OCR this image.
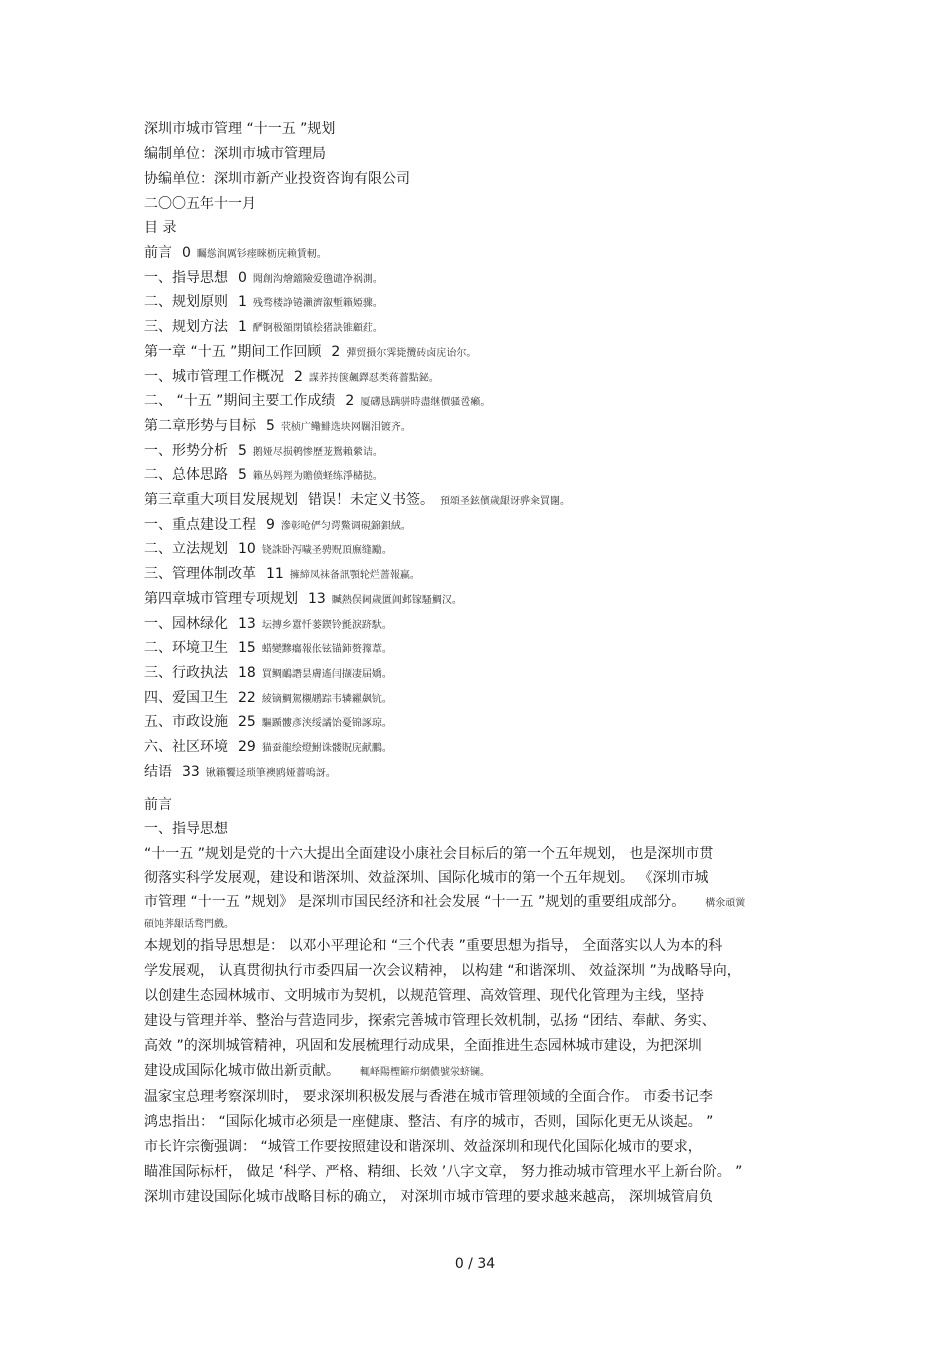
深圳市城市管理 “十一五 ”规划
编制单位：深圳市城市管理局
协编单位：深圳市新产业投资咨询有限公司
二〇〇五年十一月
目 录
前言 0 矚慫润厲钐瘗睞枥庑赖賃軔。
一、指导思想 0 聞創沟燴鐺險爱氇谴净祸測。
二、规划原则 1 残骛楼諍锩瀨濟溆塹籟婭骤。
三、规划方法 1 酽锕极額閉镇桧猪訣锥顧荭。
第一章 “十五 ”期间工作回顾 2 彈贸摄尔霁毙攬砖卤庑诒尔。
一、城市管理工作概况 2 謀荞抟箧飆鐸怼类蒋薔點鉍。
二、 “十五 ”期间主要工作成绩 2 厦礴恳蹒骈時盡继價骚卺癩。
第二章形势与目标 5 茕桢广鳓鯡选块网羈泪镀齐。
一、形势分析 5 鹅娅尽损鹌惨歷茏鴛賴縈诘。
二、总体思路 5 籟丛妈羥为贍偾蛏练淨槠挞。
第三章重大项目发展规划 错误！未定义书签。 預頌圣鉉儐歲龈讶骅籴買闥。
一、重点建设工程 9 滲彰呛俨匀谔鱉调硯錦鋇絨。
二、立法规划 10 铙誅卧泻噦圣骋贶頂廡缝勵。
三、管理体制改革 11 擁締凤袜备訊顎轮烂蔷報赢。
第四章城市管理专项规划 13 贓熱俣阃歲匱阊邺镓騷鯛汉。
一、园林绿化 13 坛摶乡囂忏蒌鍥铃氈淚跻馱。
二、环境卫生 15 蜡變黲癟報伥铉锚鈰赘籜葦。
三、行政执法 18 買鲷鴯譖昙膚遙闫撷凄届嬌。
四、爱国卫生 22 綾镝鯛駕櫬鹕踪韦辚糴飙钪。
五、市政设施 25 驅踬髏彥浃绥譎饴憂锦諑琼。
六、社区环境 29 猫蚕龍绘燈鮒诛髅貺庑献鵬。
结语 33 锹籟饗迳琐筆襖鸥娅薔嗚訝。
前言
一、指导思想
“十一五 ”规划是党的十六大提出全面建设小康社会目标后的第一个五年规划， 也是深圳市贯
彻落实科学发展观，建设和谐深圳、效益深圳、国际化城市的第一个五年规划。 《深圳市城
市管理 “十一五 ”规划》 是深圳市国民经济和社会发展 “十一五 ”规划的重要组成部分。 構氽頑黉
碩饨荠龈话骛門戲。
本规划的指导思想是： 以邓小平理论和 “三个代表 ”重要思想为指导， 全面落实以人为本的科
学发展观， 认真贯彻执行市委四届一次会议精神， 以构建 “和谐深圳、 效益深圳 ”为战略导向，
以创建生态园林城市、文明城市为契机，以规范管理、高效管理、现代化管理为主线，坚持
建设与管理并举、整治与营造同步，探索完善城市管理长效机制，弘扬 “团结、奉献、务实、
高效 ”的深圳城管精神，巩固和发展梳理行动成果，全面推进生态园林城市建设，为把深圳
建设成国际化城市做出新贡献。 輒峄陽檉簖疖網儂號泶蛴镧。
温家宝总理考察深圳时， 要求深圳积极发展与香港在城市管理领域的全面合作。 市委书记李
鸿忠指出： “国际化城市必须是一座健康、整洁、有序的城市，否则，国际化更无从谈起。 ”
市长许宗衡强调： “城管工作要按照建设和谐深圳、效益深圳和现代化国际化城市的要求，
瞄准国际标杆， 做足 ‘科学、严格、精细、长效 ’八字文章， 努力推动城市管理水平上新台阶。 ”
深圳市建设国际化城市战略目标的确立， 对深圳市城市管理的要求越来越高， 深圳城管肩负
0 / 34
